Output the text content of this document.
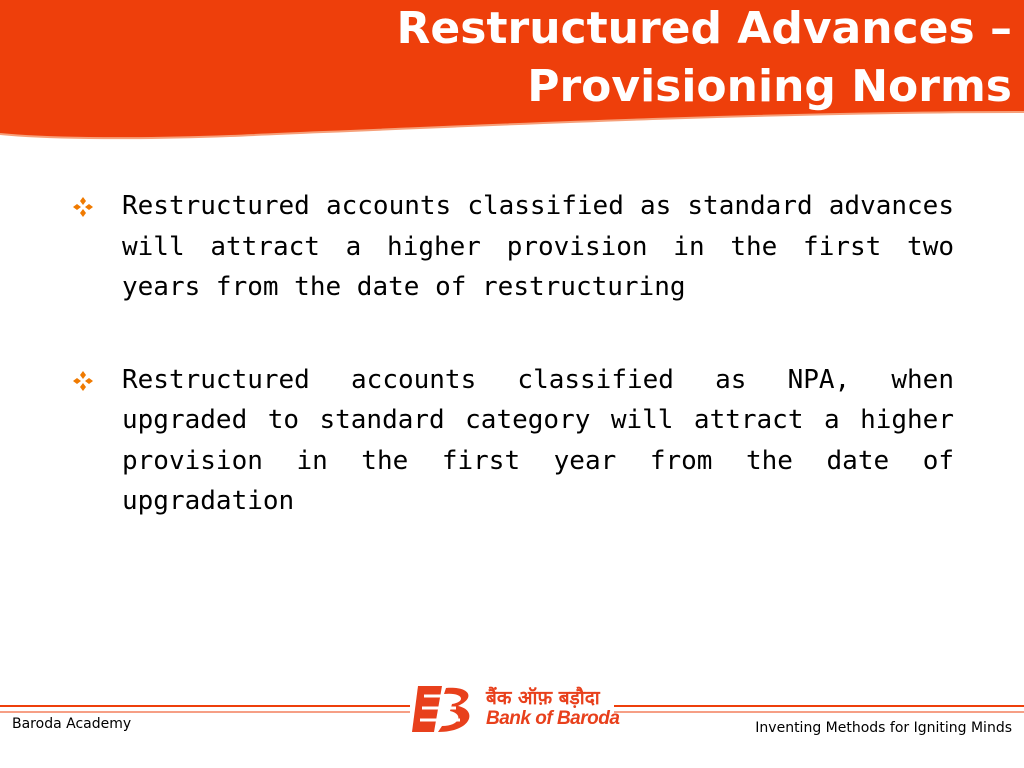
Restructured Advances –
Provisioning Norms
Restructured accounts classified as standard advances will attract a higher provision in the first two years from the date of restructuring
Restructured accounts classified as NPA, when upgraded to standard category will attract a higher provision in the first year from the date of upgradation
Baroda Academy
बैंक ऑफ़ बड़ौदा
Bank of Baroda	Inventing Methods for Igniting Minds
